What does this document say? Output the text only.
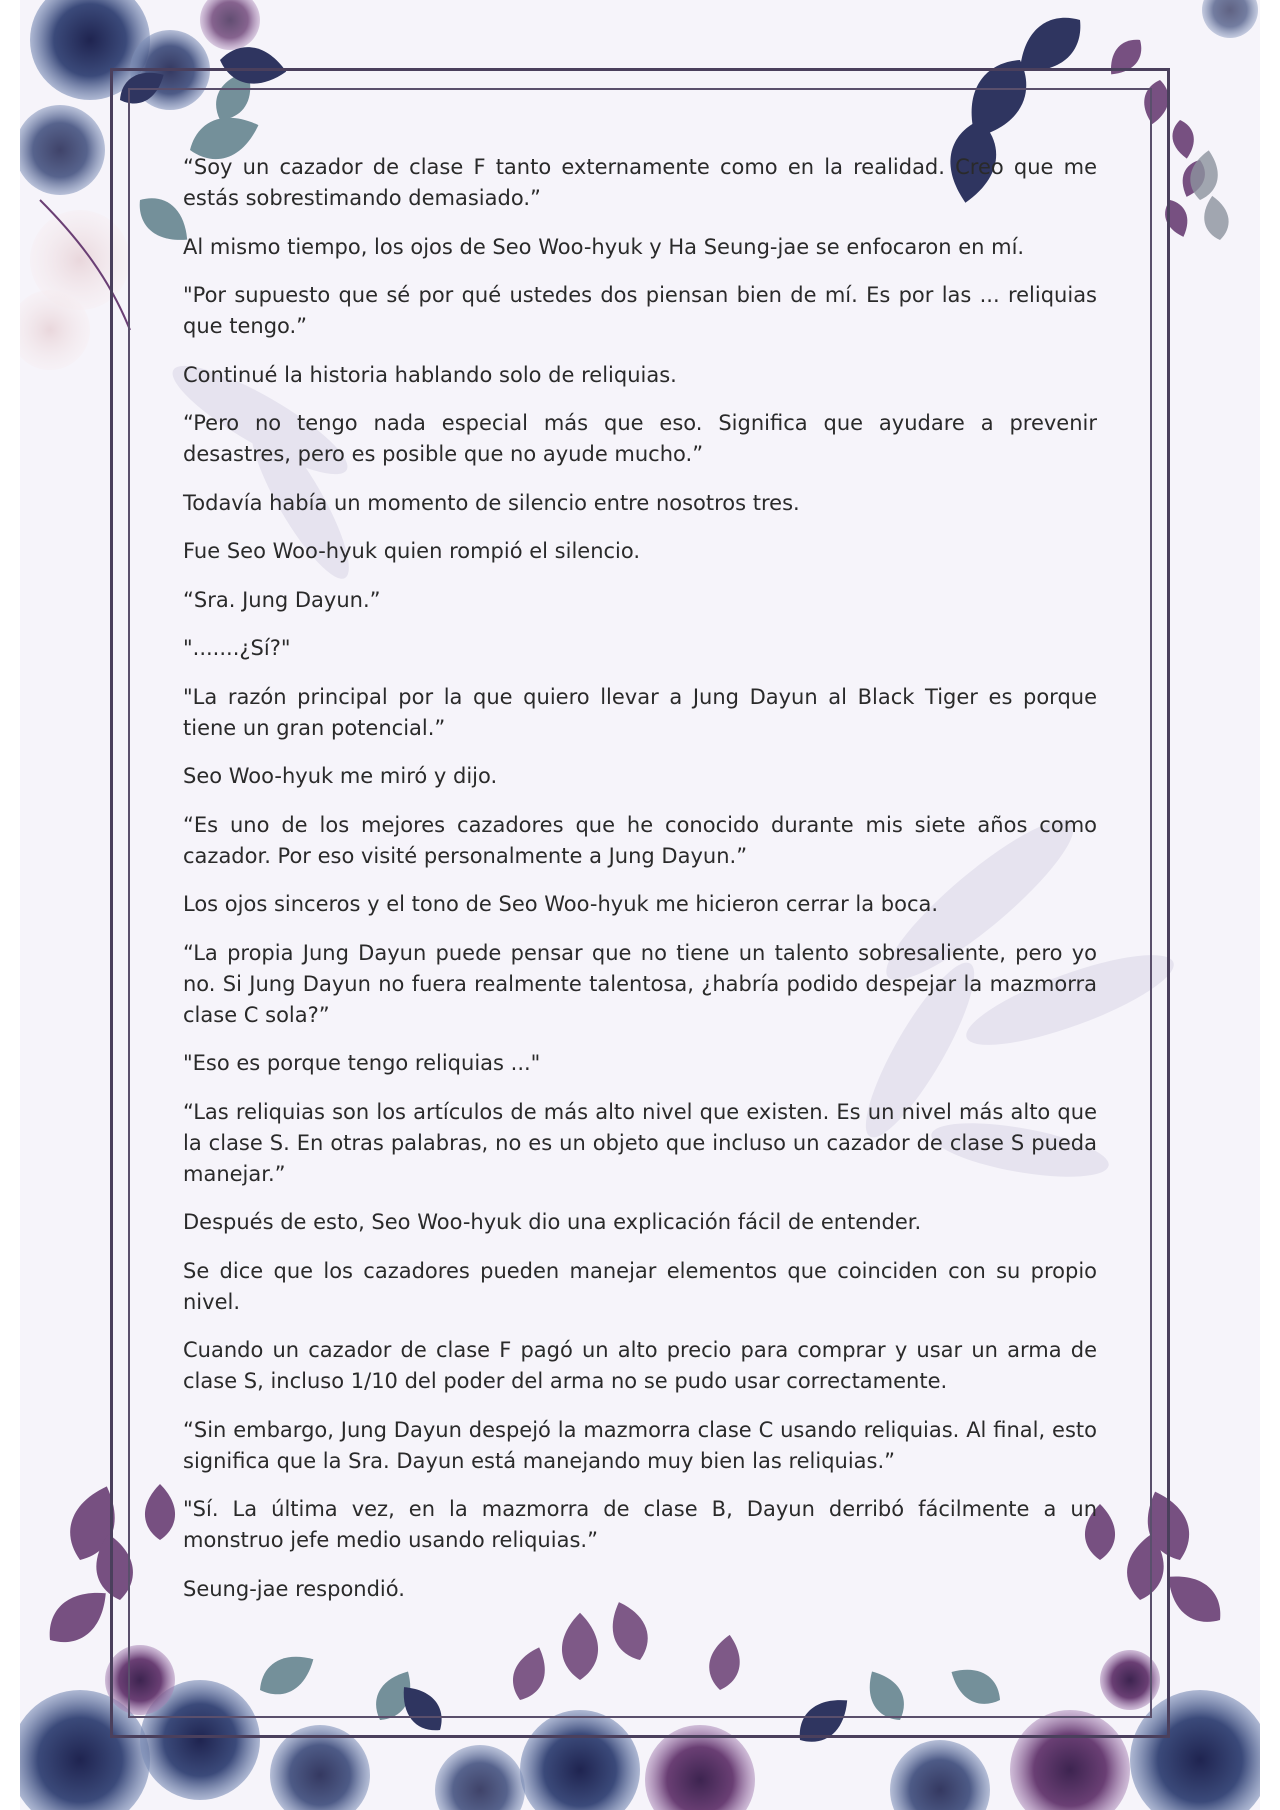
“Soy un cazador de clase F tanto externamente como en la realidad. Creo que me estás sobrestimando demasiado.”

Al mismo tiempo, los ojos de Seo Woo-hyuk y Ha Seung-jae se enfocaron en mí.

"Por supuesto que sé por qué ustedes dos piensan bien de mí. Es por las ... reliquias que tengo.”

Continué la historia hablando solo de reliquias.

“Pero no tengo nada especial más que eso. Significa que ayudare a prevenir desastres, pero es posible que no ayude mucho.”

Todavía había un momento de silencio entre nosotros tres.

Fue Seo Woo-hyuk quien rompió el silencio.

“Sra. Jung Dayun.”

".......¿Sí?"

"La razón principal por la que quiero llevar a Jung Dayun al Black Tiger es porque tiene un gran potencial.”

Seo Woo-hyuk me miró y dijo.

“Es uno de los mejores cazadores que he conocido durante mis siete años como cazador. Por eso visité personalmente a Jung Dayun.”

Los ojos sinceros y el tono de Seo Woo-hyuk me hicieron cerrar la boca.

“La propia Jung Dayun puede pensar que no tiene un talento sobresaliente, pero yo no. Si Jung Dayun no fuera realmente talentosa, ¿habría podido despejar la mazmorra clase C sola?”

"Eso es porque tengo reliquias ..."

“Las reliquias son los artículos de más alto nivel que existen. Es un nivel más alto que la clase S. En otras palabras, no es un objeto que incluso un cazador de clase S pueda manejar.”

Después de esto, Seo Woo-hyuk dio una explicación fácil de entender.

Se dice que los cazadores pueden manejar elementos que coinciden con su propio nivel.

Cuando un cazador de clase F pagó un alto precio para comprar y usar un arma de clase S, incluso 1/10 del poder del arma no se pudo usar correctamente.

“Sin embargo, Jung Dayun despejó la mazmorra clase C usando reliquias. Al final, esto significa que la Sra. Dayun está manejando muy bien las reliquias.”

"Sí. La última vez, en la mazmorra de clase B, Dayun derribó fácilmente a un monstruo jefe medio usando reliquias.”

Seung-jae respondió.
